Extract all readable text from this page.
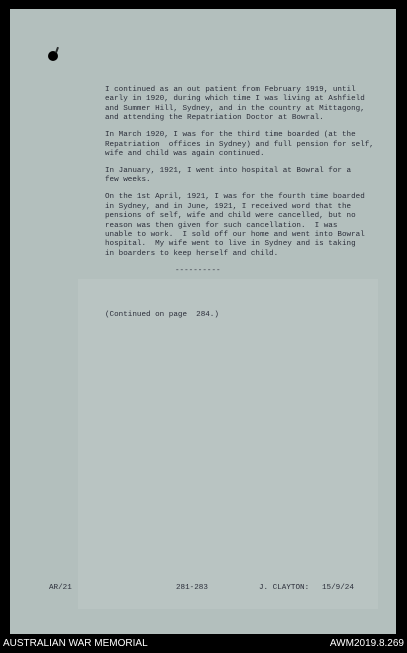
I continued as an out patient from February 1919, until
early in 1920, during which time I was living at Ashfield
and Summer Hill, Sydney, and in the country at Mittagong,
and attending the Repatriation Doctor at Bowral.

In March 1920, I was for the third time boarded (at the
Repatriation  offices in Sydney) and full pension for self,
wife and child was again continued.

In January, 1921, I went into hospital at Bowral for a
few weeks.

On the 1st April, 1921, I was for the fourth time boarded
in Sydney, and in June, 1921, I received word that the
pensions of self, wife and child were cancelled, but no
reason was then given for such cancellation.  I was
unable to work.  I sold off our home and went into Bowral
hospital.  My wife went to live in Sydney and is taking
in boarders to keep herself and child.

----------
(Continued on page  284.)
AR/21	281-283	J. CLAYTON: 15/9/24
AUSTRALIAN WAR MEMORIAL	AWM2019.8.269
